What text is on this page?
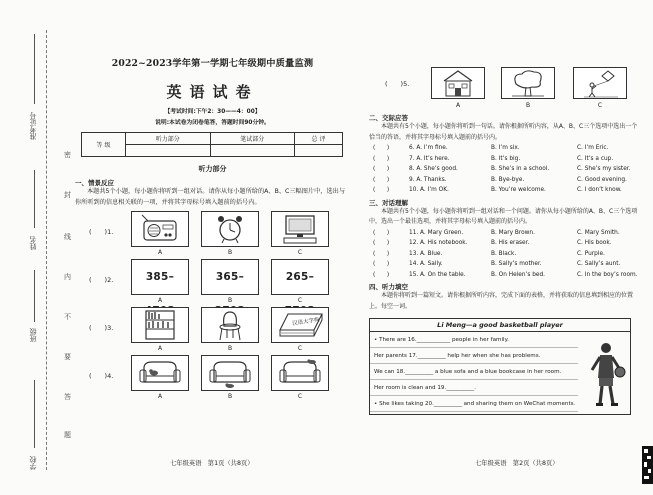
准考证号
姓名
班级
学校
密
封
线
内
不
要
答
题
2022~2023学年第一学期七年级期中质量监测
英语试卷
【考试时间:下午2：30——4：00】
说明:本试卷为闭卷笔答，答题时间90分钟。
等 级	听力部分	笔试部分	总 评

听力部分
一、情景反应
本题共5个小题，每小题你将听到一组对话。请你从每小题所给的A、B、C三幅图片中，选出与你所听到的信息相关联的一项，并将其字母标号填入题前的括号内。
(　　)1.
A	B	C
(　　)2.	385–	365–	265–
A	B	C
(　　)3.
汉语大字典
A	B	C
(　　)4.
A	B	C
七年级英语　第1页（共8页）
(　　)5.
A	B	C
二、交际应答
本题共有5个小题，每小题你将听到一句话。请你根据所听内容，从A、B、C三个选项中选出一个恰当的答语，并将其字母标号填入题前的括号内。
(　　)	6. A. I’m fine.	B. I’m six.	C. I’m Eric.
(　　)	7. A. It’s here.	B. It’s big.	C. It’s a cup.
(　　)	8. A. She’s good.	B. She’s in a school.	C. She’s my sister.
(　　)	9. A. Thanks.	B. Bye-bye.	C. Good evening.
(　　)	10. A. I’m OK.	B. You’re welcome.	C. I don’t know.
三、对话理解
本题共有5个小题，每小题你将听到一组对话和一个问题。请你从每小题所给的A、B、C三个选项中，选出一个最佳选项，并将其字母标号填入题前的括号内。
(　　)	11. A. Mary Green.	B. Mary Brown.	C. Mary Smith.
(　　)	12. A. His notebook.	B. His eraser.	C. His book.
(　　)	13. A. Blue.	B. Black.	C. Purple.
(　　)	14. A. Sally.	B. Sally’s mother.	C. Sally’s aunt.
(　　)	15. A. On the table.	B. On Helen’s bed.	C. In the boy’s room.
四、听力填空
本题你将听到一篇短文。请你根据所听内容，完成下面的表格，并将获取的信息填到相应的位置上。每空一词。
Li Meng—a good basketball player
• There are 16.____________ people in her family.
Her parents 17.__________ help her when she has problems.
We can 18.__________ a blue sofa and a blue bookcase in her room.
Her room is clean and 19.__________.
• She likes taking 20.__________ and sharing them on WeChat moments.
七年级英语　第2页（共8页）
